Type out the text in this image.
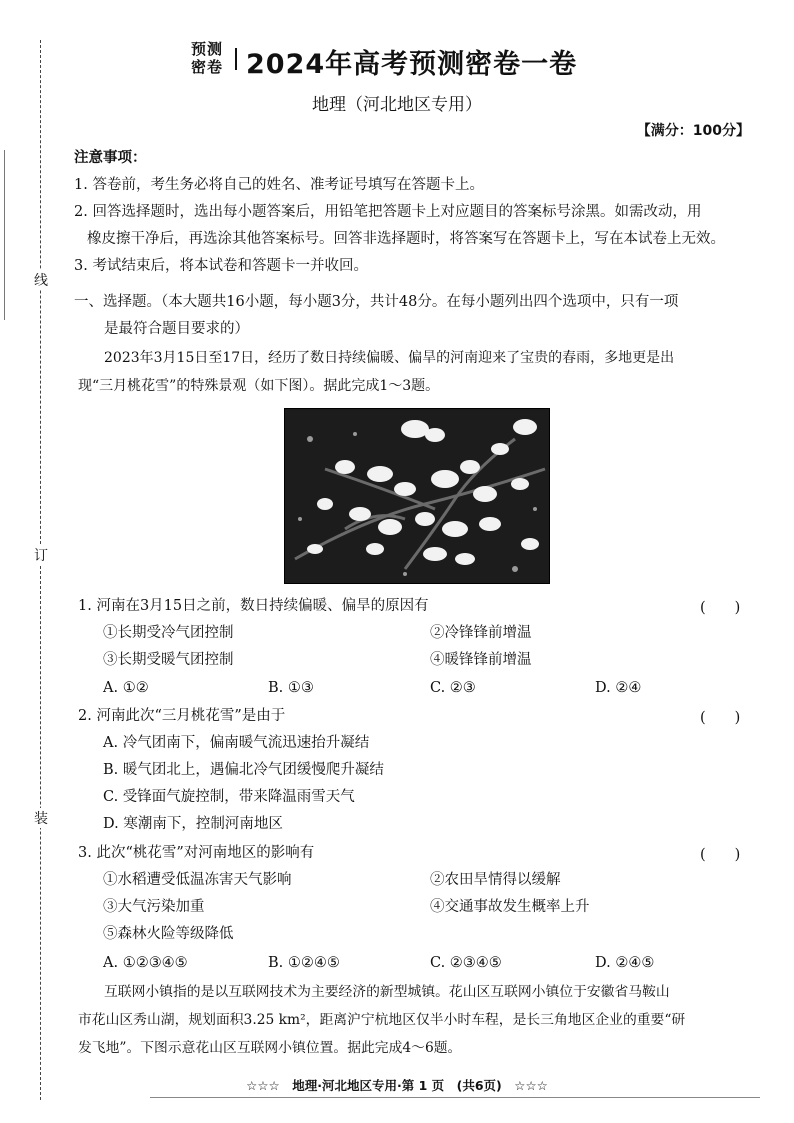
线
订
装
预测
密卷 2024年高考预测密卷一卷
地理（河北地区专用）
【满分：100分】
注意事项：
1. 答卷前，考生务必将自己的姓名、准考证号填写在答题卡上。
2. 回答选择题时，选出每小题答案后，用铅笔把答题卡上对应题目的答案标号涂黑。如需改动，用
橡皮擦干净后，再选涂其他答案标号。回答非选择题时，将答案写在答题卡上，写在本试卷上无效。
3. 考试结束后，将本试卷和答题卡一并收回。
一、选择题。（本大题共16小题，每小题3分，共计48分。在每小题列出四个选项中，只有一项
是最符合题目要求的）
2023年3月15日至17日，经历了数日持续偏暖、偏旱的河南迎来了宝贵的春雨，多地更是出
现“三月桃花雪”的特殊景观（如下图）。据此完成1～3题。
1. 河南在3月15日之前，数日持续偏暖、偏旱的原因有	(　　)
①长期受冷气团控制	②冷锋锋前增温
③长期受暖气团控制	④暖锋锋前增温
A. ①②	B. ①③	C. ②③	D. ②④
2. 河南此次“三月桃花雪”是由于	(　　)
A. 冷气团南下，偏南暖气流迅速抬升凝结
B. 暖气团北上，遇偏北冷气团缓慢爬升凝结
C. 受锋面气旋控制，带来降温雨雪天气
D. 寒潮南下，控制河南地区
3. 此次“桃花雪”对河南地区的影响有	(　　)
①水稻遭受低温冻害天气影响	②农田旱情得以缓解
③大气污染加重	④交通事故发生概率上升
⑤森林火险等级降低
A. ①②③④⑤	B. ①②④⑤	C. ②③④⑤	D. ②④⑤
互联网小镇指的是以互联网技术为主要经济的新型城镇。花山区互联网小镇位于安徽省马鞍山
市花山区秀山湖，规划面积3.25 km²，距离沪宁杭地区仅半小时车程，是长三角地区企业的重要“研
发飞地”。下图示意花山区互联网小镇位置。据此完成4～6题。
☆☆☆　地理·河北地区专用·第 1 页　(共6页)　☆☆☆
